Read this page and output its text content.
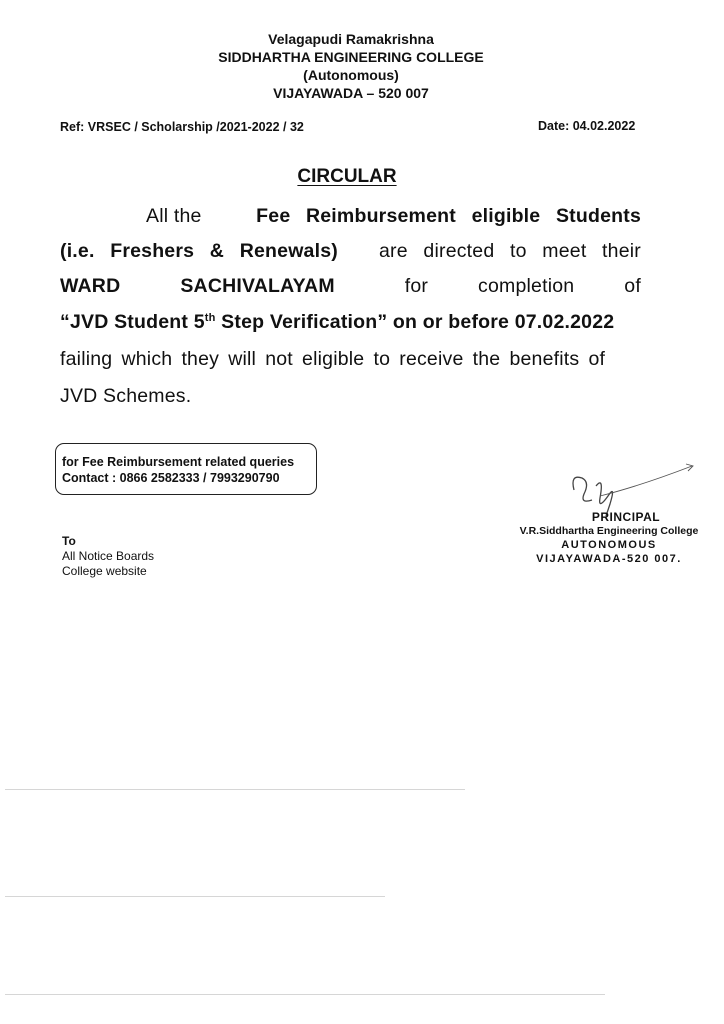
Velagapudi Ramakrishna
SIDDHARTHA ENGINEERING COLLEGE
(Autonomous)
VIJAYAWADA – 520 007
Ref: VRSEC / Scholarship /2021-2022 / 32	Date: 04.02.2022
CIRCULAR
All the	Fee Reimbursement eligible Students
(i.e. Freshers & Renewals) are directed to meet their
WARD	SACHIVALAYAM	for	completion	of
“JVD Student 5th Step Verification” on or before 07.02.2022
failing which they will not eligible to receive the benefits of
JVD Schemes.
for Fee Reimbursement related queries
Contact : 0866 2582333 / 7993290790
To
All Notice Boards
College website
PRINCIPAL
V.R.Siddhartha Engineering College
AUTONOMOUS
VIJAYAWADA-520 007.
